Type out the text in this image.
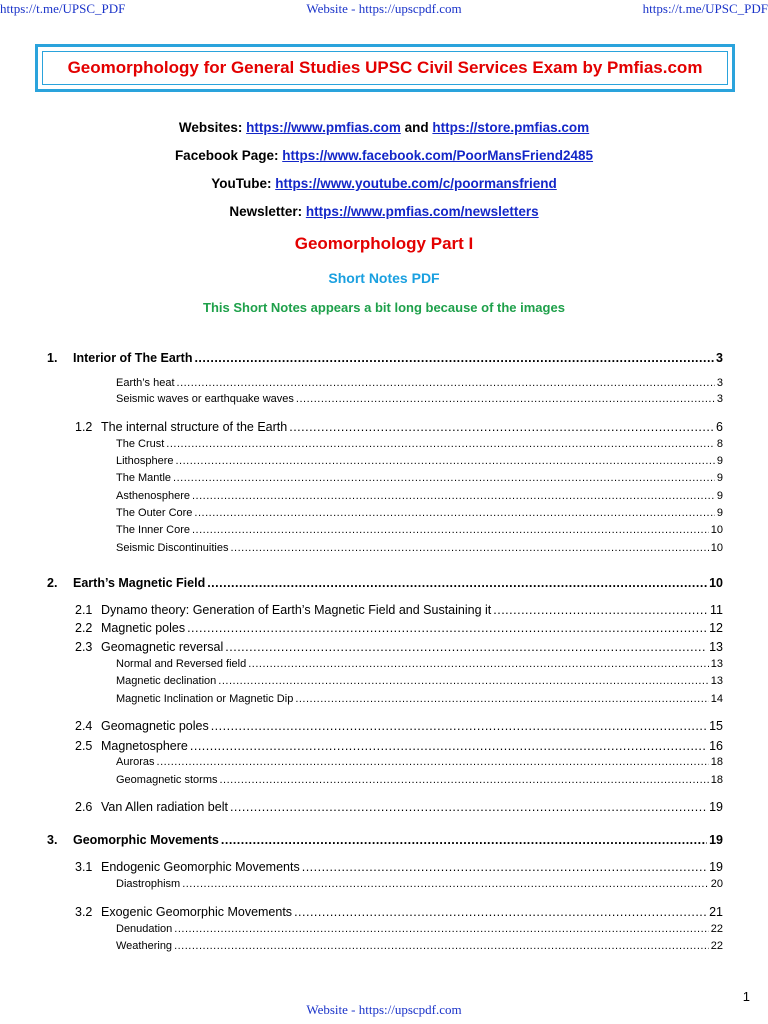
https://t.me/UPSC_PDF	Website - https://upscpdf.com	https://t.me/UPSC_PDF
Geomorphology for General Studies UPSC Civil Services Exam by Pmfias.com
Websites: https://www.pmfias.com and https://store.pmfias.com
Facebook Page: https://www.facebook.com/PoorMansFriend2485
YouTube: https://www.youtube.com/c/poormansfriend
Newsletter: https://www.pmfias.com/newsletters
Geomorphology Part I
Short Notes PDF
This Short Notes appears a bit long because of the images
1.	Interior of The Earth .....	3
Earth’s heat .....	3
Seismic waves or earthquake waves .....	3
1.2 The internal structure of the Earth .....	6
The Crust .....	8
Lithosphere .....	9
The Mantle .....	9
Asthenosphere .....	9
The Outer Core .....	9
The Inner Core .....	10
Seismic Discontinuities .....	10
2.	Earth’s Magnetic Field .....	10
2.1 Dynamo theory: Generation of Earth’s Magnetic Field and Sustaining it .....	11
2.2 Magnetic poles .....	12
2.3 Geomagnetic reversal .....	13
Normal and Reversed field .....	13
Magnetic declination .....	13
Magnetic Inclination or Magnetic Dip .....	14
2.4 Geomagnetic poles .....	15
2.5 Magnetosphere .....	16
Auroras .....	18
Geomagnetic storms .....	18
2.6 Van Allen radiation belt .....	19
3.	Geomorphic Movements .....	19
3.1 Endogenic Geomorphic Movements .....	19
Diastrophism .....	20
3.2 Exogenic Geomorphic Movements .....	21
Denudation .....	22
Weathering .....	22
1
Website - https://upscpdf.com
